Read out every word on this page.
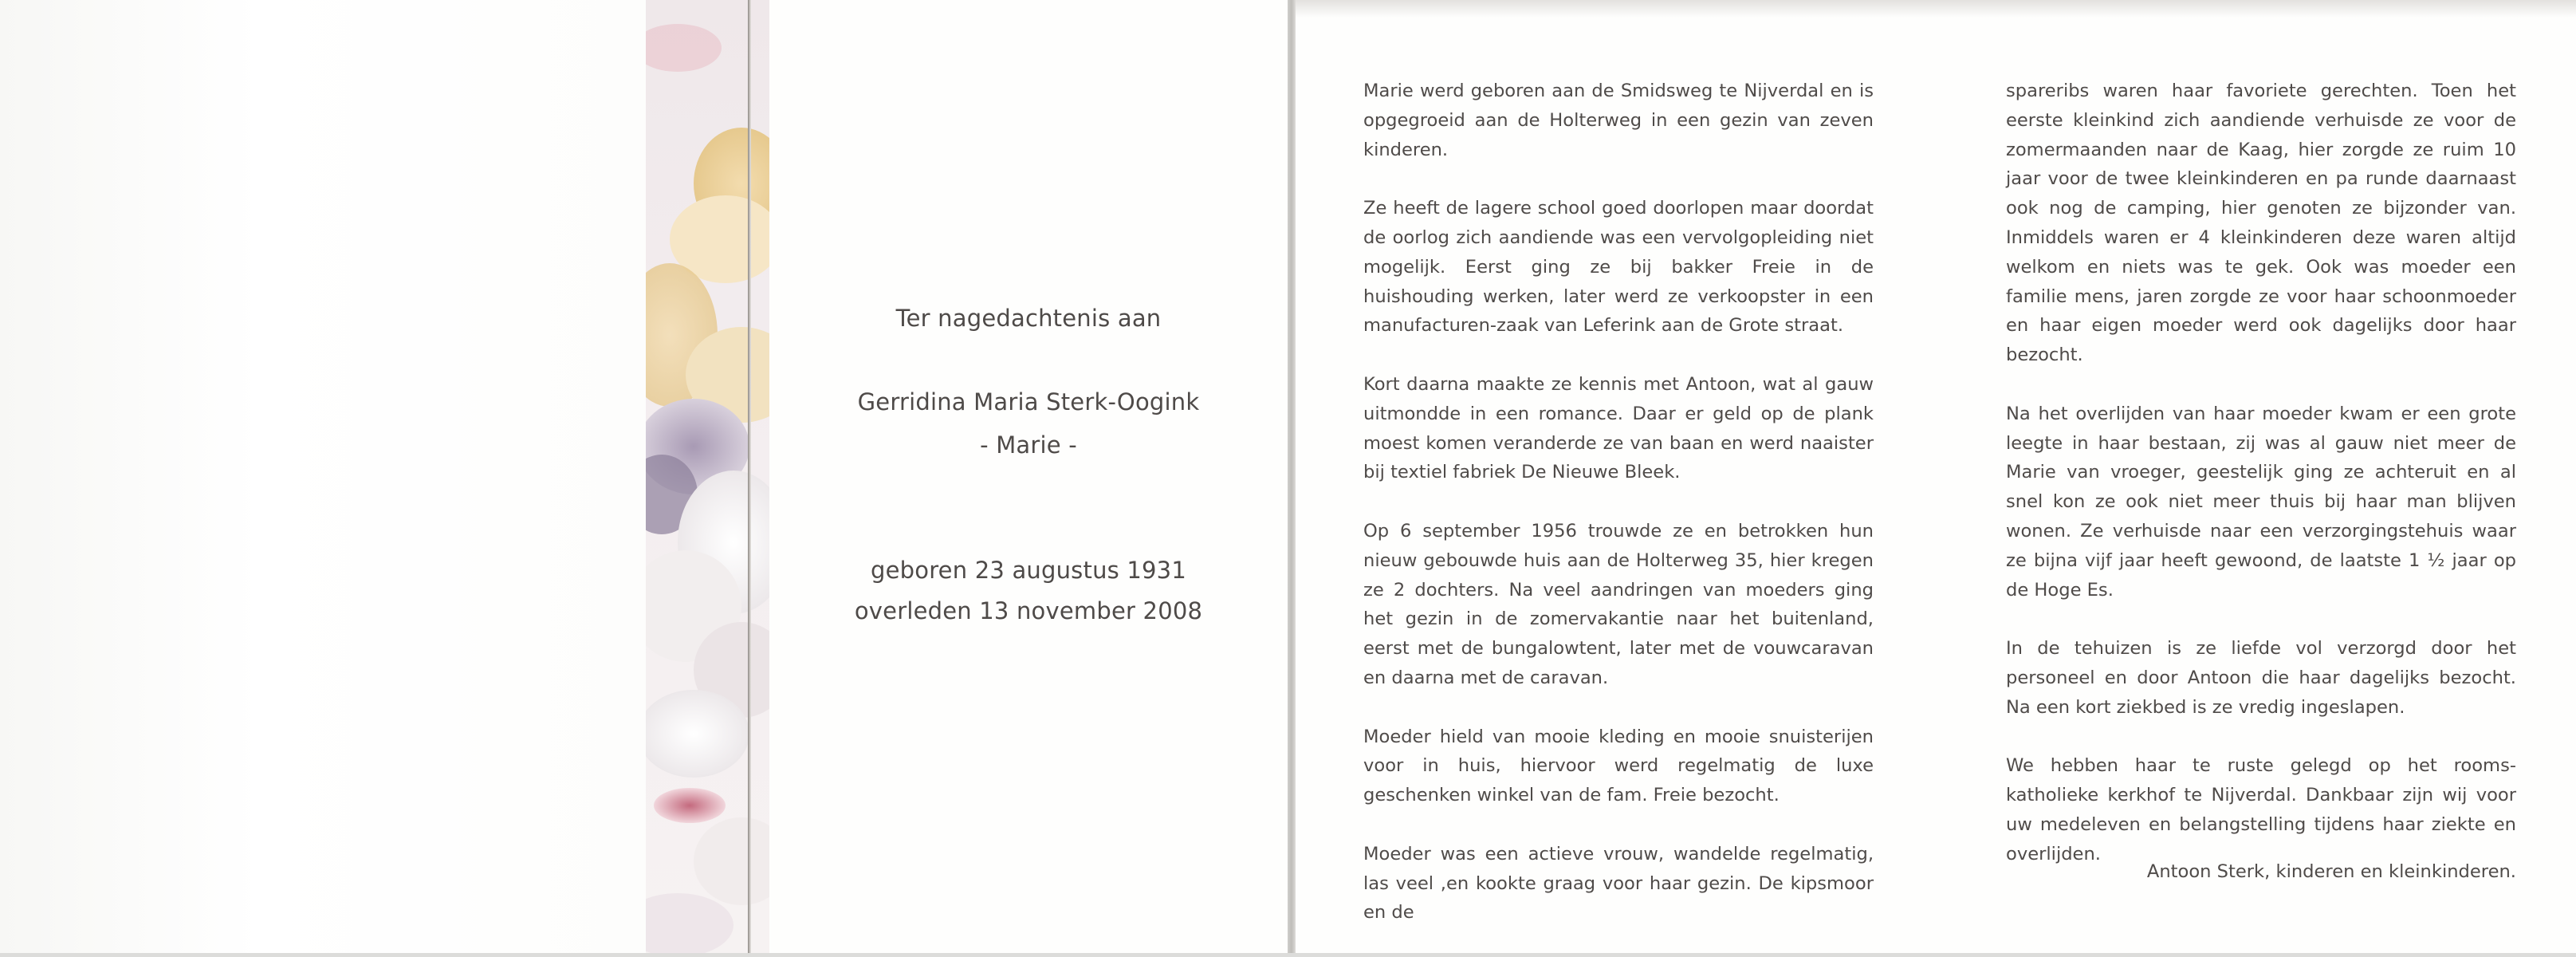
Ter nagedachtenis aan
Gerridina Maria Sterk-Oogink
- Marie -
geboren 23 augustus 1931
overleden 13 november 2008

Marie werd geboren aan de Smidsweg te Nijverdal en is opgegroeid aan de Holterweg in een gezin van zeven kinderen.

Ze heeft de lagere school goed doorlopen maar doordat de oorlog zich aandiende was een vervolgopleiding niet mogelijk. Eerst ging ze bij bakker Freie in de huishouding werken, later werd ze verkoopster in een manufacturen-zaak van Leferink aan de Grote straat.

Kort daarna maakte ze kennis met Antoon, wat al gauw uitmondde in een romance. Daar er geld op de plank moest komen veranderde ze van baan en werd naaister bij textiel fabriek De Nieuwe Bleek.

Op 6 september 1956 trouwde ze en betrokken hun nieuw gebouwde huis aan de Holterweg 35, hier kregen ze 2 dochters. Na veel aandringen van moeders ging het gezin in de zomervakantie naar het buitenland, eerst met de bungalowtent, later met de vouwcaravan en daarna met de caravan.

Moeder hield van mooie kleding en mooie snuisterijen voor in huis, hiervoor werd regelmatig de luxe geschenken winkel van de fam. Freie bezocht.

Moeder was een actieve vrouw, wandelde regelmatig, las veel ,en kookte graag voor haar gezin. De kipsmoor en de

spareribs waren haar favoriete gerechten. Toen het eerste kleinkind zich aandiende verhuisde ze voor de zomermaanden naar de Kaag, hier zorgde ze ruim 10 jaar voor de twee kleinkinderen en pa runde daarnaast ook nog de camping, hier genoten ze bijzonder van. Inmiddels waren er 4 kleinkinderen deze waren altijd welkom en niets was te gek. Ook was moeder een familie mens, jaren zorgde ze voor haar schoonmoeder en haar eigen moeder werd ook dagelijks door haar bezocht.

Na het overlijden van haar moeder kwam er een grote leegte in haar bestaan, zij was al gauw niet meer de Marie van vroeger, geestelijk ging ze achteruit en al snel kon ze ook niet meer thuis bij haar man blijven wonen. Ze verhuisde naar een verzorgingstehuis waar ze bijna vijf jaar heeft gewoond, de laatste 1 ½ jaar op de Hoge Es.

In de tehuizen is ze liefde vol verzorgd door het personeel en door Antoon die haar dagelijks bezocht. Na een kort ziekbed is ze vredig ingeslapen.

We hebben haar te ruste gelegd op het rooms-katholieke kerkhof te Nijverdal. Dankbaar zijn wij voor uw medeleven en belangstelling tijdens haar ziekte en overlijden.

Antoon Sterk, kinderen en kleinkinderen.
